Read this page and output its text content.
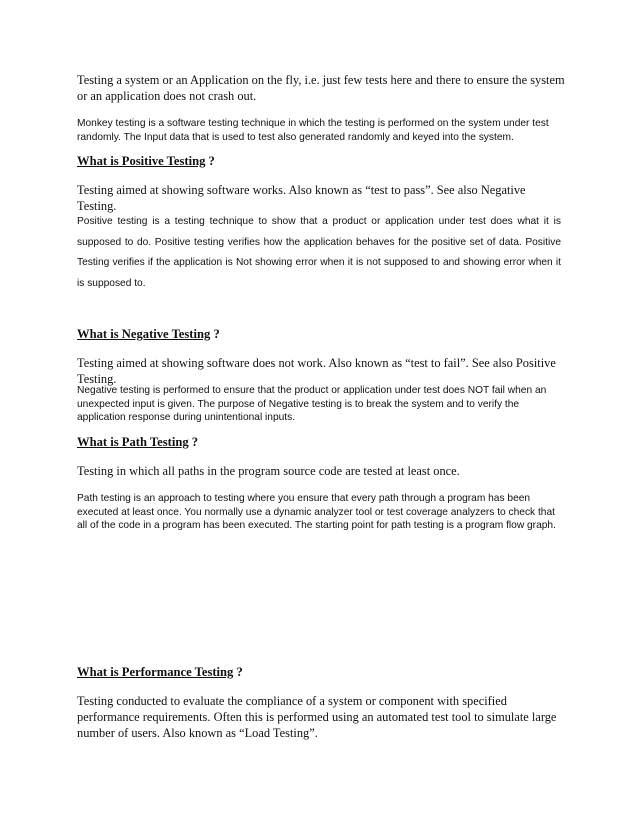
Testing a system or an Application on the fly, i.e. just few tests here and there to ensure the system or an application does not crash out.

Monkey testing is a software testing technique in which the testing is performed on the system under test randomly. The Input data that is used to test also generated randomly and keyed into the system.

What is Positive Testing ?

Testing aimed at showing software works. Also known as “test to pass”. See also Negative Testing.

Positive testing is a testing technique to show that a product or application under test does what it is supposed to do. Positive testing verifies how the application behaves for the positive set of data. Positive Testing verifies if the application is Not showing error when it is not supposed to and showing error when it is supposed to.

What is Negative Testing ?

Testing aimed at showing software does not work. Also known as “test to fail”. See also Positive Testing.

Negative testing is performed to ensure that the product or application under test does NOT fail when an unexpected input is given. The purpose of Negative testing is to break the system and to verify the application response during unintentional inputs.

What is Path Testing ?

Testing in which all paths in the program source code are tested at least once.

Path testing is an approach to testing where you ensure that every path through a program has been executed at least once. You normally use a dynamic analyzer tool or test coverage analyzers to check that all of the code in a program has been executed. The starting point for path testing is a program flow graph.

What is Performance Testing ?

Testing conducted to evaluate the compliance of a system or component with specified performance requirements. Often this is performed using an automated test tool to simulate large number of users. Also known as “Load Testing”.
